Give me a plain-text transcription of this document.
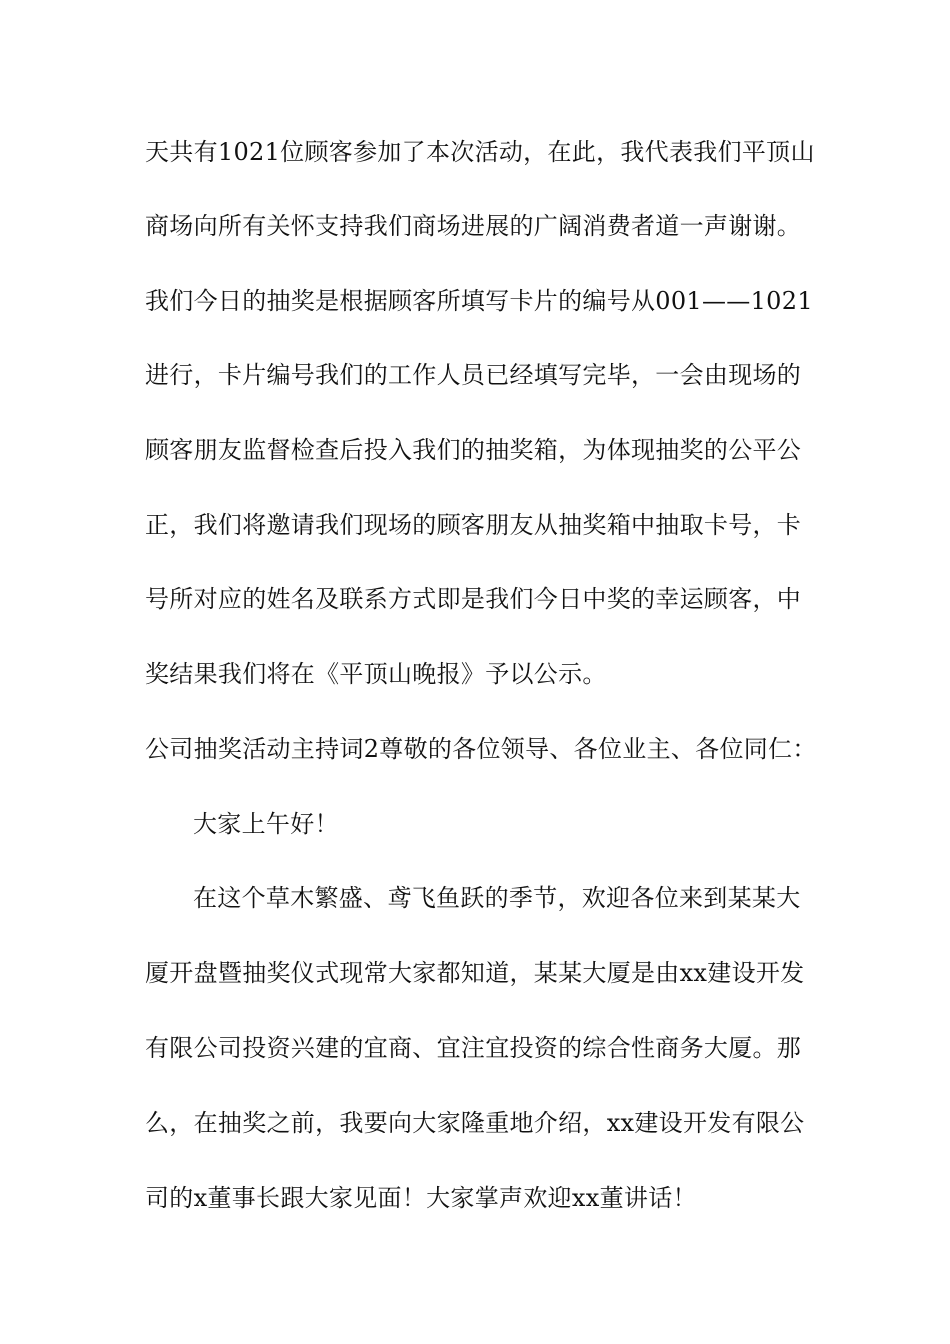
天共有1021位顾客参加了本次活动，在此，我代表我们平顶山
商场向所有关怀支持我们商场进展的广阔消费者道一声谢谢。
我们今日的抽奖是根据顾客所填写卡片的编号从001——1021
进行，卡片编号我们的工作人员已经填写完毕，一会由现场的
顾客朋友监督检查后投入我们的抽奖箱，为体现抽奖的公平公
正，我们将邀请我们现场的顾客朋友从抽奖箱中抽取卡号，卡
号所对应的姓名及联系方式即是我们今日中奖的幸运顾客，中
奖结果我们将在《平顶山晚报》予以公示。
公司抽奖活动主持词2尊敬的各位领导、各位业主、各位同仁：
大家上午好！
在这个草木繁盛、鸢飞鱼跃的季节，欢迎各位来到某某大
厦开盘暨抽奖仪式现常大家都知道，某某大厦是由xx建设开发
有限公司投资兴建的宜商、宜注宜投资的综合性商务大厦。那
么，在抽奖之前，我要向大家隆重地介绍，xx建设开发有限公
司的x董事长跟大家见面！大家掌声欢迎xx董讲话！
